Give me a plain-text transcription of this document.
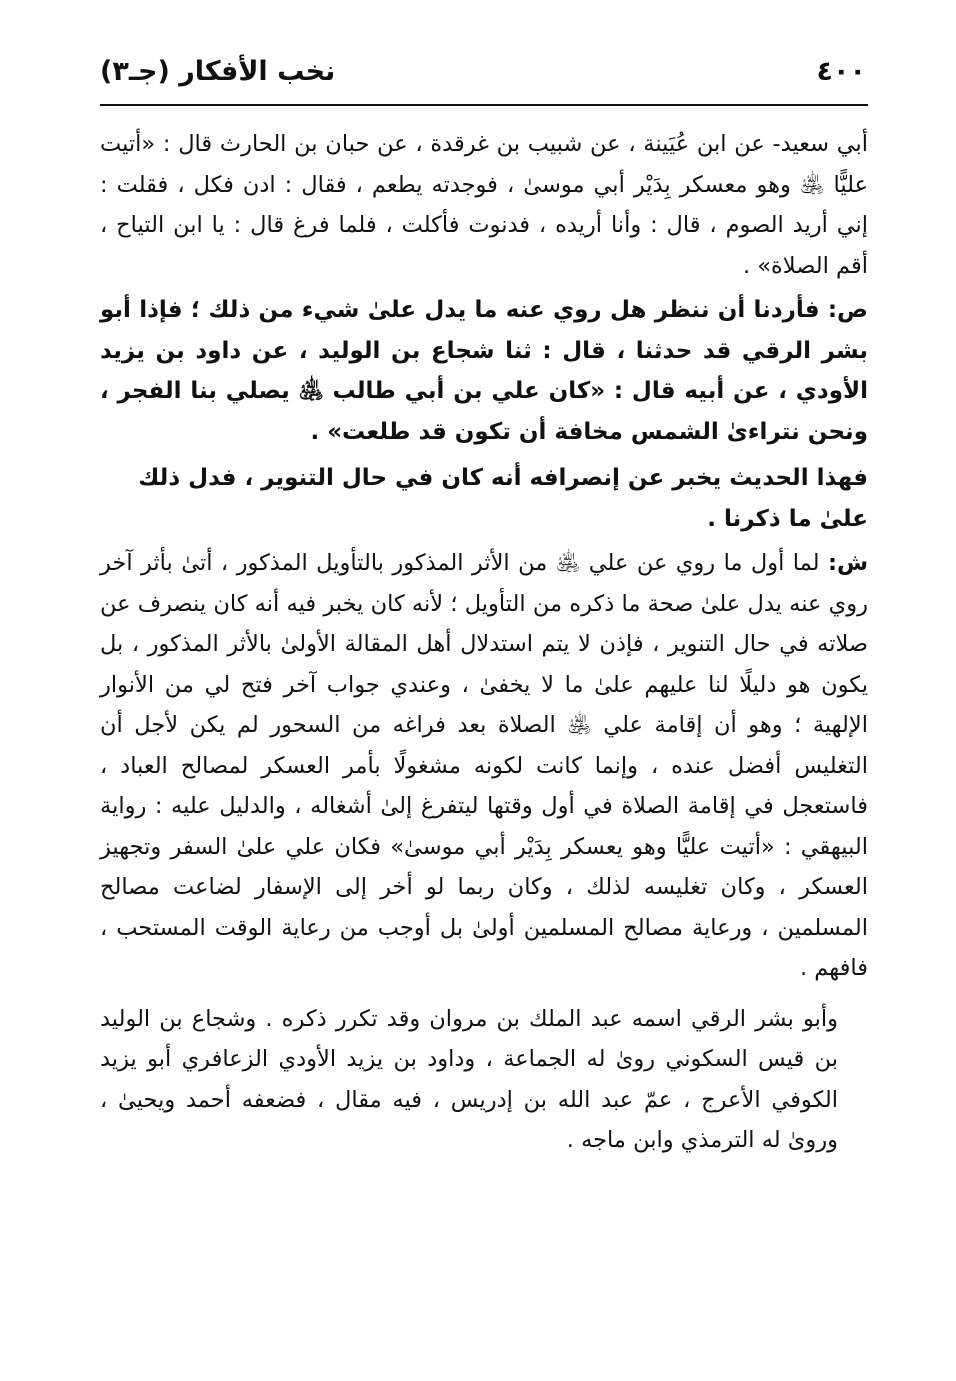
نخب الأفكار (جـ٣)	٤٠٠

أبي سعيد- عن ابن عُيَينة ، عن شبيب بن غرقدة ، عن حبان بن الحارث قال : «أتيت عليًّا ﵁ وهو معسكر بِدَيْر أبي موسىٰ ، فوجدته يطعم ، فقال : ادن فكل ، فقلت : إني أريد الصوم ، قال : وأنا أريده ، فدنوت فأكلت ، فلما فرغ قال : يا ابن التياح ، أقم الصلاة» .

ص: فأردنا أن ننظر هل روي عنه ما يدل علىٰ شيء من ذلك ؛ فإذا أبو بشر الرقي قد حدثنا ، قال : ثنا شجاع بن الوليد ، عن داود بن يزيد الأودي ، عن أبيه قال : «كان علي بن أبي طالب ﵁ يصلي بنا الفجر ، ونحن نتراءىٰ الشمس مخافة أن تكون قد طلعت» .

فهذا الحديث يخبر عن إنصرافه أنه كان في حال التنوير ، فدل ذلك علىٰ ما ذكرنا .

ش: لما أول ما روي عن علي ﵁ من الأثر المذكور بالتأويل المذكور ، أتىٰ بأثر آخر روي عنه يدل علىٰ صحة ما ذكره من التأويل ؛ لأنه كان يخبر فيه أنه كان ينصرف عن صلاته في حال التنوير ، فإذن لا يتم استدلال أهل المقالة الأولىٰ بالأثر المذكور ، بل يكون هو دليلًا لنا عليهم علىٰ ما لا يخفىٰ ، وعندي جواب آخر فتح لي من الأنوار الإلهية ؛ وهو أن إقامة علي ﵁ الصلاة بعد فراغه من السحور لم يكن لأجل أن التغليس أفضل عنده ، وإنما كانت لكونه مشغولًا بأمر العسكر لمصالح العباد ، فاستعجل في إقامة الصلاة في أول وقتها ليتفرغ إلىٰ أشغاله ، والدليل عليه : رواية البيهقي : «أتيت عليًّا وهو يعسكر بِدَيْر أبي موسىٰ» فكان علي علىٰ السفر وتجهيز العسكر ، وكان تغليسه لذلك ، وكان ربما لو أخر إلى الإسفار لضاعت مصالح المسلمين ، ورعاية مصالح المسلمين أولىٰ بل أوجب من رعاية الوقت المستحب ، فافهم .

وأبو بشر الرقي اسمه عبد الملك بن مروان وقد تكرر ذكره . وشجاع بن الوليد بن قيس السكوني روىٰ له الجماعة ، وداود بن يزيد الأودي الزعافري أبو يزيد الكوفي الأعرج ، عمّ عبد الله بن إدريس ، فيه مقال ، فضعفه أحمد ويحيىٰ ، وروىٰ له الترمذي وابن ماجه .
